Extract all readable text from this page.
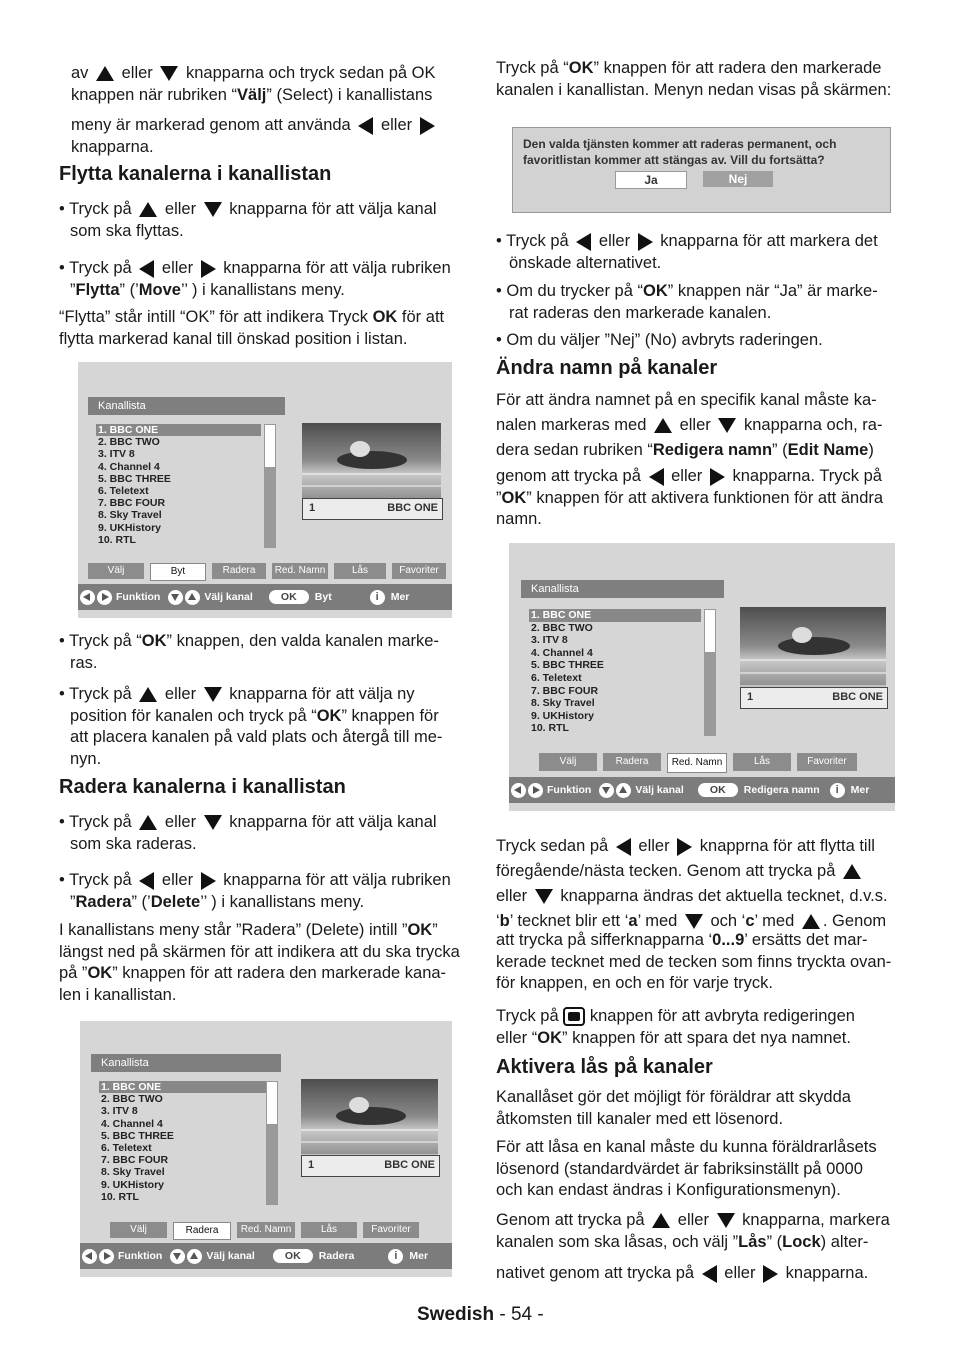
av eller knapparna och tryck sedan på OK
knappen när rubriken “Välj” (Select) i kanallistans
meny är markerad genom att använda eller
knapparna.
Flytta kanalerna i kanallistan
• Tryck på eller knapparna för att välja kanal
som ska flyttas.
• Tryck på eller knapparna för att välja rubriken
”Flytta” (’Move’’ ) i kanallistans meny.
“Flytta” står intill “OK” för att indikera Tryck OK för att
flytta markerad kanal till önskad position i listan.
Kanallista
1. BBC ONE
2. BBC TWO
3. ITV 8
4. Channel 4
5. BBC THREE
6. Teletext
7. BBC FOUR
8. Sky Travel
9. UKHistory
10. RTL
1	BBC ONE
Välj	Byt	Radera	Red. Namn	Lås	Favoriter
Funktion	Välj kanal	OK	Byt	i	Mer
• Tryck på “OK” knappen, den valda kanalen marke-
ras.
• Tryck på eller knapparna för att välja ny
position för kanalen och tryck på “OK” knappen för
att placera kanalen på vald plats och återgå till me-
nyn.
Radera kanalerna i kanallistan
• Tryck på eller knapparna för att välja kanal
som ska raderas.
• Tryck på eller knapparna för att välja rubriken
”Radera” (’Delete’’ ) i kanallistans meny.
I kanallistans meny står ”Radera” (Delete) intill ”OK”
längst ned på skärmen för att indikera att du ska trycka
på ”OK” knappen för att radera den markerade kana-
len i kanallistan.
Kanallista
1. BBC ONE
2. BBC TWO
3. ITV 8
4. Channel 4
5. BBC THREE
6. Teletext
7. BBC FOUR
8. Sky Travel
9. UKHistory
10. RTL
1	BBC ONE
Välj	Radera	Red. Namn	Lås	Favoriter
Funktion	Välj kanal	OK	Radera	i	Mer
Tryck på “OK” knappen för att radera den markerade
kanalen i kanallistan. Menyn nedan visas på skärmen:
Den valda tjänsten kommer att raderas permanent, och
favoritlistan kommer att stängas av. Vill du fortsätta?
Ja	Nej
• Tryck på eller knapparna för att markera det
önskade alternativet.
• Om du trycker på “OK” knappen när “Ja” är marke-
rat raderas den markerade kanalen.
• Om du väljer ”Nej” (No) avbryts raderingen.
Ändra namn på kanaler
För att ändra namnet på en specifik kanal måste ka-
nalen markeras med eller knapparna och, ra-
dera sedan rubriken “Redigera namn” (Edit Name)
genom att trycka på eller knapparna. Tryck på
”OK” knappen för att aktivera funktionen för att ändra
namn.
Kanallista
1. BBC ONE
2. BBC TWO
3. ITV 8
4. Channel 4
5. BBC THREE
6. Teletext
7. BBC FOUR
8. Sky Travel
9. UKHistory
10. RTL
1	BBC ONE
Välj	Radera	Red. Namn	Lås	Favoriter
Funktion	Välj kanal	OK	Redigera namn	i	Mer
Tryck sedan på eller knapprna för att flytta till
föregående/nästa tecken. Genom att trycka på
eller knapparna ändras det aktuella tecknet, d.v.s.
‘b’ tecknet blir ett ‘a’ med och ‘c’ med . Genom
att trycka på sifferknapparna ‘0...9’ ersätts det mar-
kerade tecknet med de tecken som finns tryckta ovan-
för knappen, en och en för varje tryck.
Tryck på knappen för att avbryta redigeringen
eller “OK” knappen för att spara det nya namnet.
Aktivera lås på kanaler
Kanallåset gör det möjligt för föräldrar att skydda
åtkomsten till kanaler med ett lösenord.
För att låsa en kanal måste du kunna föräldrarlåsets
lösenord (standardvärdet är fabriksinställt på 0000
och kan endast ändras i Konfigurationsmenyn).
Genom att trycka på eller knapparna, markera
kanalen som ska låsas, och välj ”Lås” (Lock) alter-
nativet genom att trycka på eller knapparna.
Swedish - 54 -
